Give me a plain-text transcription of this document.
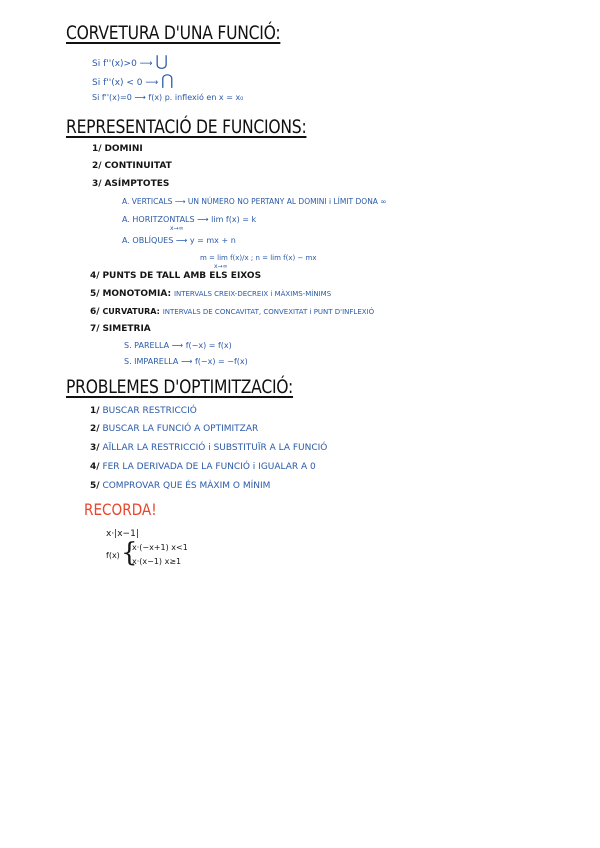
CORVETURA D'UNA FUNCIÓ:
Si f''(x)>0 ⟶ ⋃
Si f''(x) < 0 ⟶ ⋂
Si f''(x)=0 ⟶ f(x) p. inflexió en x = x₀
REPRESENTACIÓ DE FUNCIONS:
1/ DOMINI
2/ CONTINUITAT
3/ ASÍMPTOTES
A. VERTICALS ⟶ UN NÚMERO NO PERTANY AL DOMINI i LÍMIT DONA ∞
A. HORITZONTALS ⟶ lim f(x) = k
x→∞
A. OBLÍQUES ⟶ y = mx + n
m = lim f(x)/x ; n = lim f(x) − mx
x→∞
4/ PUNTS DE TALL AMB ELS EIXOS
5/ MONOTOMIA: INTERVALS CREIX-DECREIX i MÀXIMS-MÍNIMS
6/ CURVATURA: INTERVALS DE CONCAVITAT, CONVEXITAT i PUNT D'INFLEXIÓ
7/ SIMETRIA
S. PARELLA ⟶ f(−x) = f(x)
S. IMPARELLA ⟶ f(−x) = −f(x)
PROBLEMES D'OPTIMITZACIÓ:
1/ BUSCAR RESTRICCIÓ
2/ BUSCAR LA FUNCIÓ A OPTIMITZAR
3/ AÏLLAR LA RESTRICCIÓ i SUBSTITUÏR A LA FUNCIÓ
4/ FER LA DERIVADA DE LA FUNCIÓ i IGUALAR A 0
5/ COMPROVAR QUE ÉS MÀXIM O MÍNIM
RECORDA!
x·|x−1|
f(x) {
x·(−x+1) x<1
x·(x−1) x≥1
